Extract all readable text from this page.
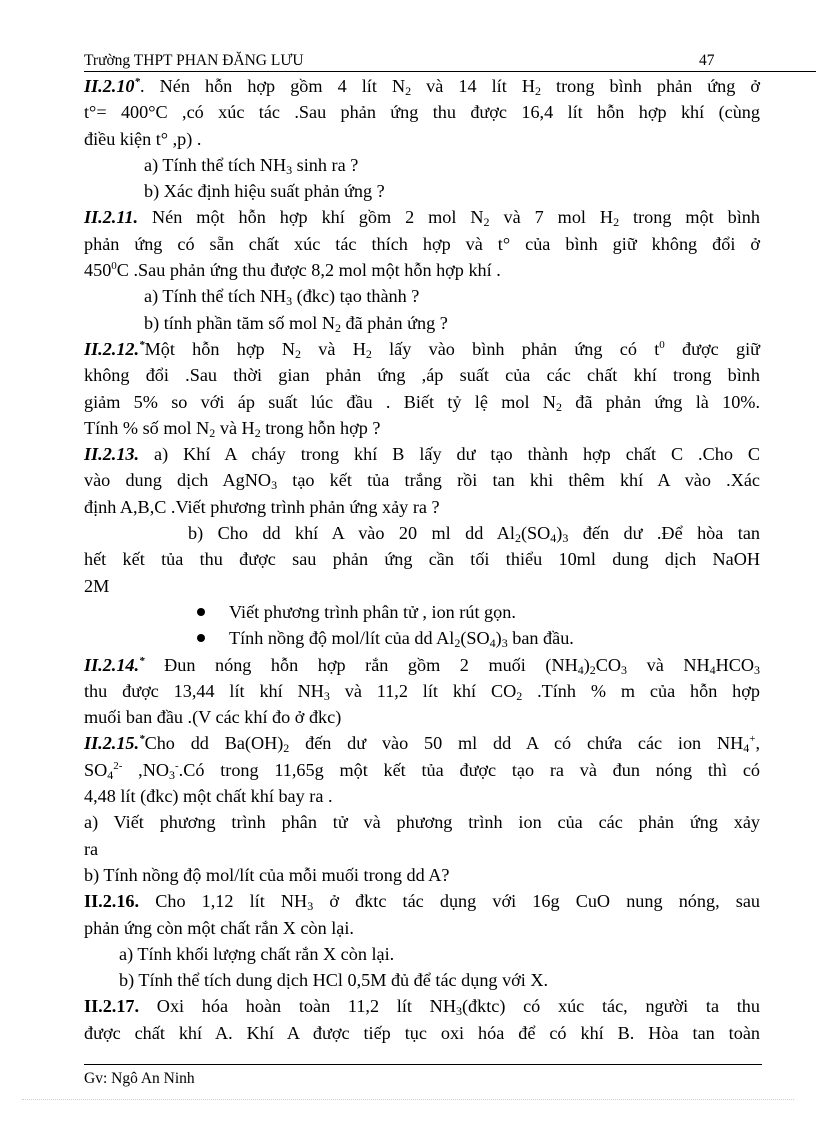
Trường THPT PHAN ĐĂNG LƯU	47

II.2.10*. Nén hỗn hợp gồm 4 lít $N_2$ và 14 lít $H_2$ trong bình phản ứng ở

t°= 400°C ,có xúc tác .Sau phản ứng thu được 16,4 lít hỗn hợp khí (cùng

điều kiện t° ,p) .

a) Tính thể tích $NH_3$ sinh ra ?

b) Xác định hiệu suất phản ứng ?

II.2.11. Nén một hỗn hợp khí gồm 2 mol $N_2$ và 7 mol $H_2$ trong một bình

phản ứng có sẵn chất xúc tác thích hợp và t° của bình giữ không đổi ở

$450^0C$ .Sau phản ứng thu được 8,2 mol một hỗn hợp khí .

a) Tính thể tích $NH_3$ (đkc) tạo thành ?

b) tính phần tăm số mol $N_2$ đã phản ứng ?

II.2.12.*Một hỗn hợp $N_2$ và $H_2$ lấy vào bình phản ứng có $t^0$ được giữ

không đổi .Sau thời gian phản ứng ,áp suất của các chất khí trong bình

giảm 5% so với áp suất lúc đầu . Biết tỷ lệ mol $N_2$ đã phản ứng là 10%.

Tính % số mol $N_2$ và $H_2$ trong hỗn hợp ?

II.2.13. a) Khí A cháy trong khí B lấy dư tạo thành hợp chất C .Cho C

vào dung dịch AgNO$_3$ tạo kết tủa trắng rồi tan khi thêm khí A vào .Xác

định A,B,C .Viết phương trình phản ứng xảy ra ?

b) Cho dd khí A vào 20 ml dd $Al_2(SO_4)_3$ đến dư .Để hòa tan

hết kết tủa thu được sau phản ứng cần tối thiểu 10ml dung dịch NaOH

2M

Viết phương trình phân tử , ion rút gọn.

Tính nồng độ mol/lít của dd $Al_2(SO_4)_3$ ban đầu.

II.2.14.* Đun nóng hỗn hợp rắn gồm 2 muối $(NH_4)_2CO_3$ và $NH_4HCO_3$

thu được 13,44 lít khí $NH_3$ và 11,2 lít khí $CO_2$ .Tính % m của hỗn hợp

muối ban đầu .(V các khí đo ở đkc)

II.2.15.*Cho dd $Ba(OH)_2$ đến dư vào 50 ml dd A có chứa các ion $NH_4^+$,

$SO_4^{2-}$ $,NO_3^-.Có$ trong 11,65g một kết tủa được tạo ra và đun nóng thì có

4,48 lít (đkc) một chất khí bay ra .

a) Viết phương trình phân tử và phương trình ion của các phản ứng xảy

ra

b) Tính nồng độ mol/lít của mỗi muối trong dd A?

II.2.16. Cho 1,12 lít $NH_3$ ở đktc tác dụng với 16g CuO nung nóng, sau

phản ứng còn một chất rắn X còn lại.

a) Tính khối lượng chất rắn X còn lại.

b) Tính thể tích dung dịch HCl 0,5M đủ để tác dụng với X.

II.2.17. Oxi hóa hoàn toàn 11,2 lít $NH_3(đktc)$ có xúc tác, người ta thu

được chất khí A. Khí A được tiếp tục oxi hóa để có khí B. Hòa tan toàn

Gv: Ngô An Ninh
